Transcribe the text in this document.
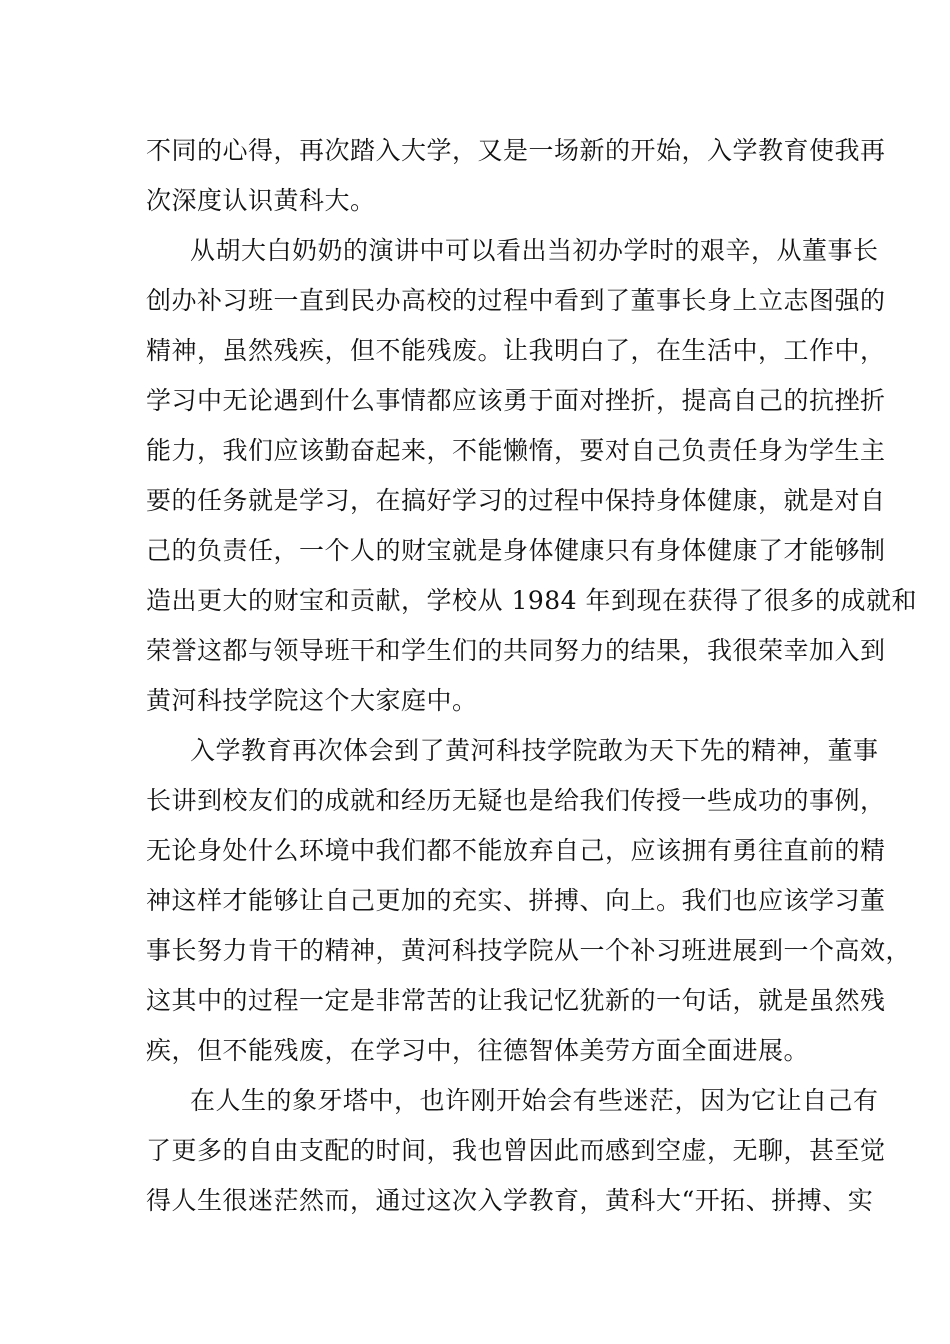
不同的心得，再次踏入大学，又是一场新的开始，入学教育使我再
次深度认识黄科大。
从胡大白奶奶的演讲中可以看出当初办学时的艰辛，从董事长
创办补习班一直到民办高校的过程中看到了董事长身上立志图强的
精神，虽然残疾，但不能残废。让我明白了，在生活中，工作中，
学习中无论遇到什么事情都应该勇于面对挫折，提高自己的抗挫折
能力，我们应该勤奋起来，不能懒惰，要对自己负责任身为学生主
要的任务就是学习，在搞好学习的过程中保持身体健康，就是对自
己的负责任，一个人的财宝就是身体健康只有身体健康了才能够制
造出更大的财宝和贡献，学校从 1984 年到现在获得了很多的成就和
荣誉这都与领导班干和学生们的共同努力的结果，我很荣幸加入到
黄河科技学院这个大家庭中。
入学教育再次体会到了黄河科技学院敢为天下先的精神，董事
长讲到校友们的成就和经历无疑也是给我们传授一些成功的事例，
无论身处什么环境中我们都不能放弃自己，应该拥有勇往直前的精
神这样才能够让自己更加的充实、拼搏、向上。我们也应该学习董
事长努力肯干的精神，黄河科技学院从一个补习班进展到一个高效，
这其中的过程一定是非常苦的让我记忆犹新的一句话，就是虽然残
疾，但不能残废，在学习中，往德智体美劳方面全面进展。
在人生的象牙塔中，也许刚开始会有些迷茫，因为它让自己有
了更多的自由支配的时间，我也曾因此而感到空虚，无聊，甚至觉
得人生很迷茫然而，通过这次入学教育，黄科大“开拓、拼搏、实
